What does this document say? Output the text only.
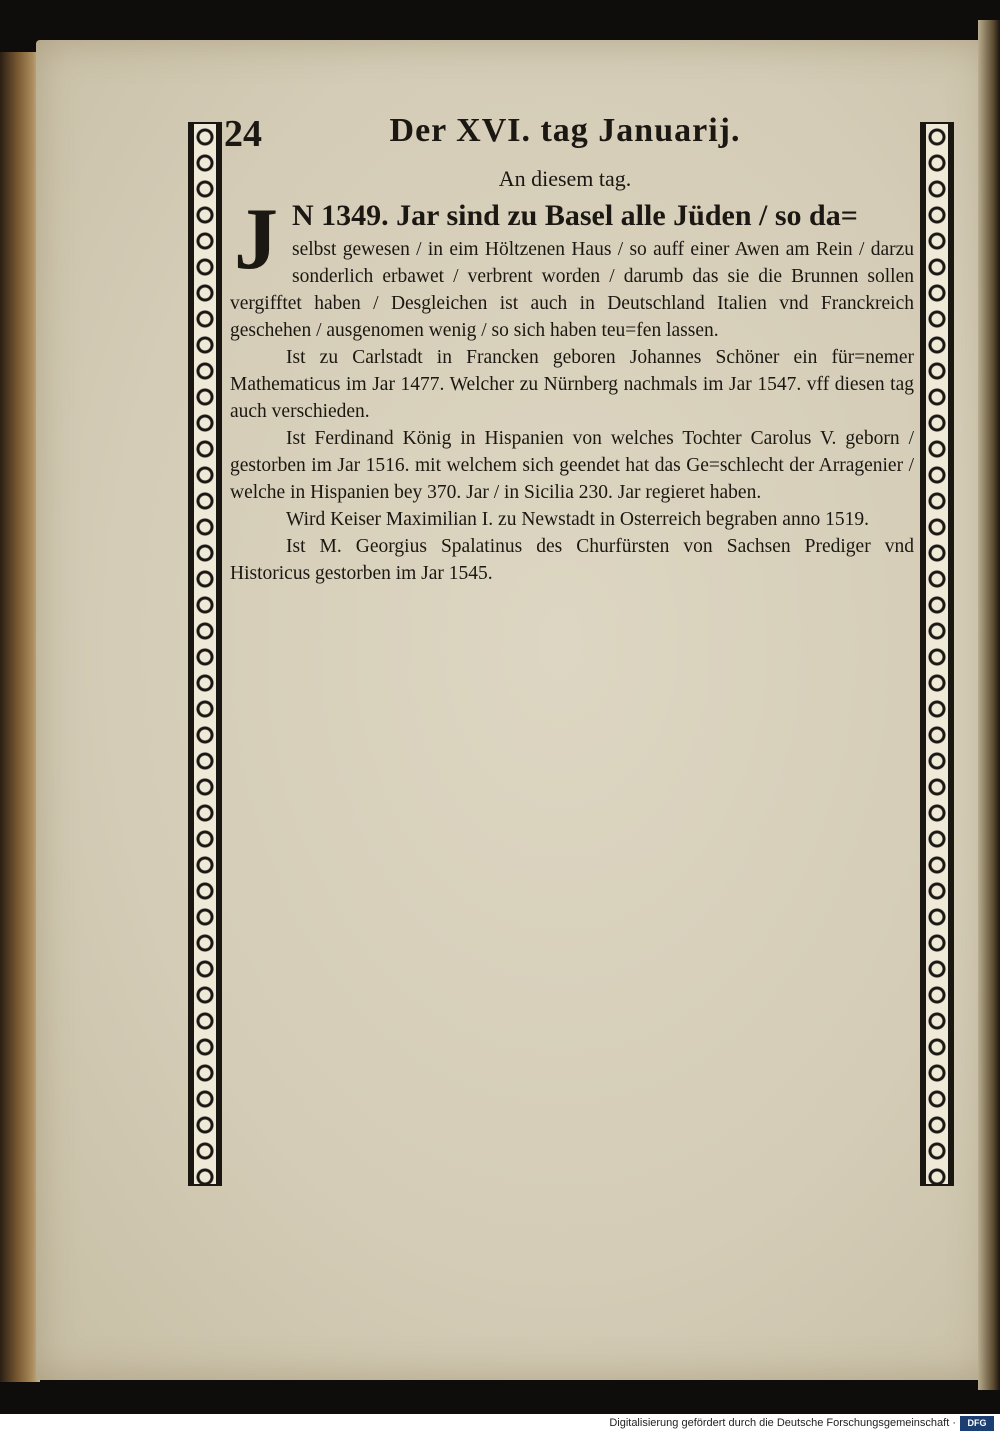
24	Der XVI. tag Januarij.
An diesem tag.
J N 1349. Jar sind zu Basel alle Jüden / so da=

selbst gewesen / in eim Höltzenen Haus / so auff einer Awen am Rein / darzu sonderlich erbawet / verbrent worden / darumb das sie die Brunnen sollen vergifftet haben / Desgleichen ist auch in Deutschland Italien vnd Franckreich geschehen / ausgenomen wenig / so sich haben teu=fen lassen.

Ist zu Carlstadt in Francken geboren Johannes Schöner ein für=nemer Mathematicus im Jar 1477. Welcher zu Nürnberg nachmals im Jar 1547. vff diesen tag auch verschieden.

Ist Ferdinand König in Hispanien von welches Tochter Carolus V. geborn / gestorben im Jar 1516. mit welchem sich geendet hat das Ge=schlecht der Arragenier / welche in Hispanien bey 370. Jar / in Sicilia 230. Jar regieret haben.

Wird Keiser Maximilian I. zu Newstadt in Osterreich begraben anno 1519.

Ist M. Georgius Spalatinus des Churfürsten von Sachsen Prediger vnd Historicus gestorben im Jar 1545.

Digitalisierung gefördert durch die Deutsche Forschungsgemeinschaft ·	DFG
